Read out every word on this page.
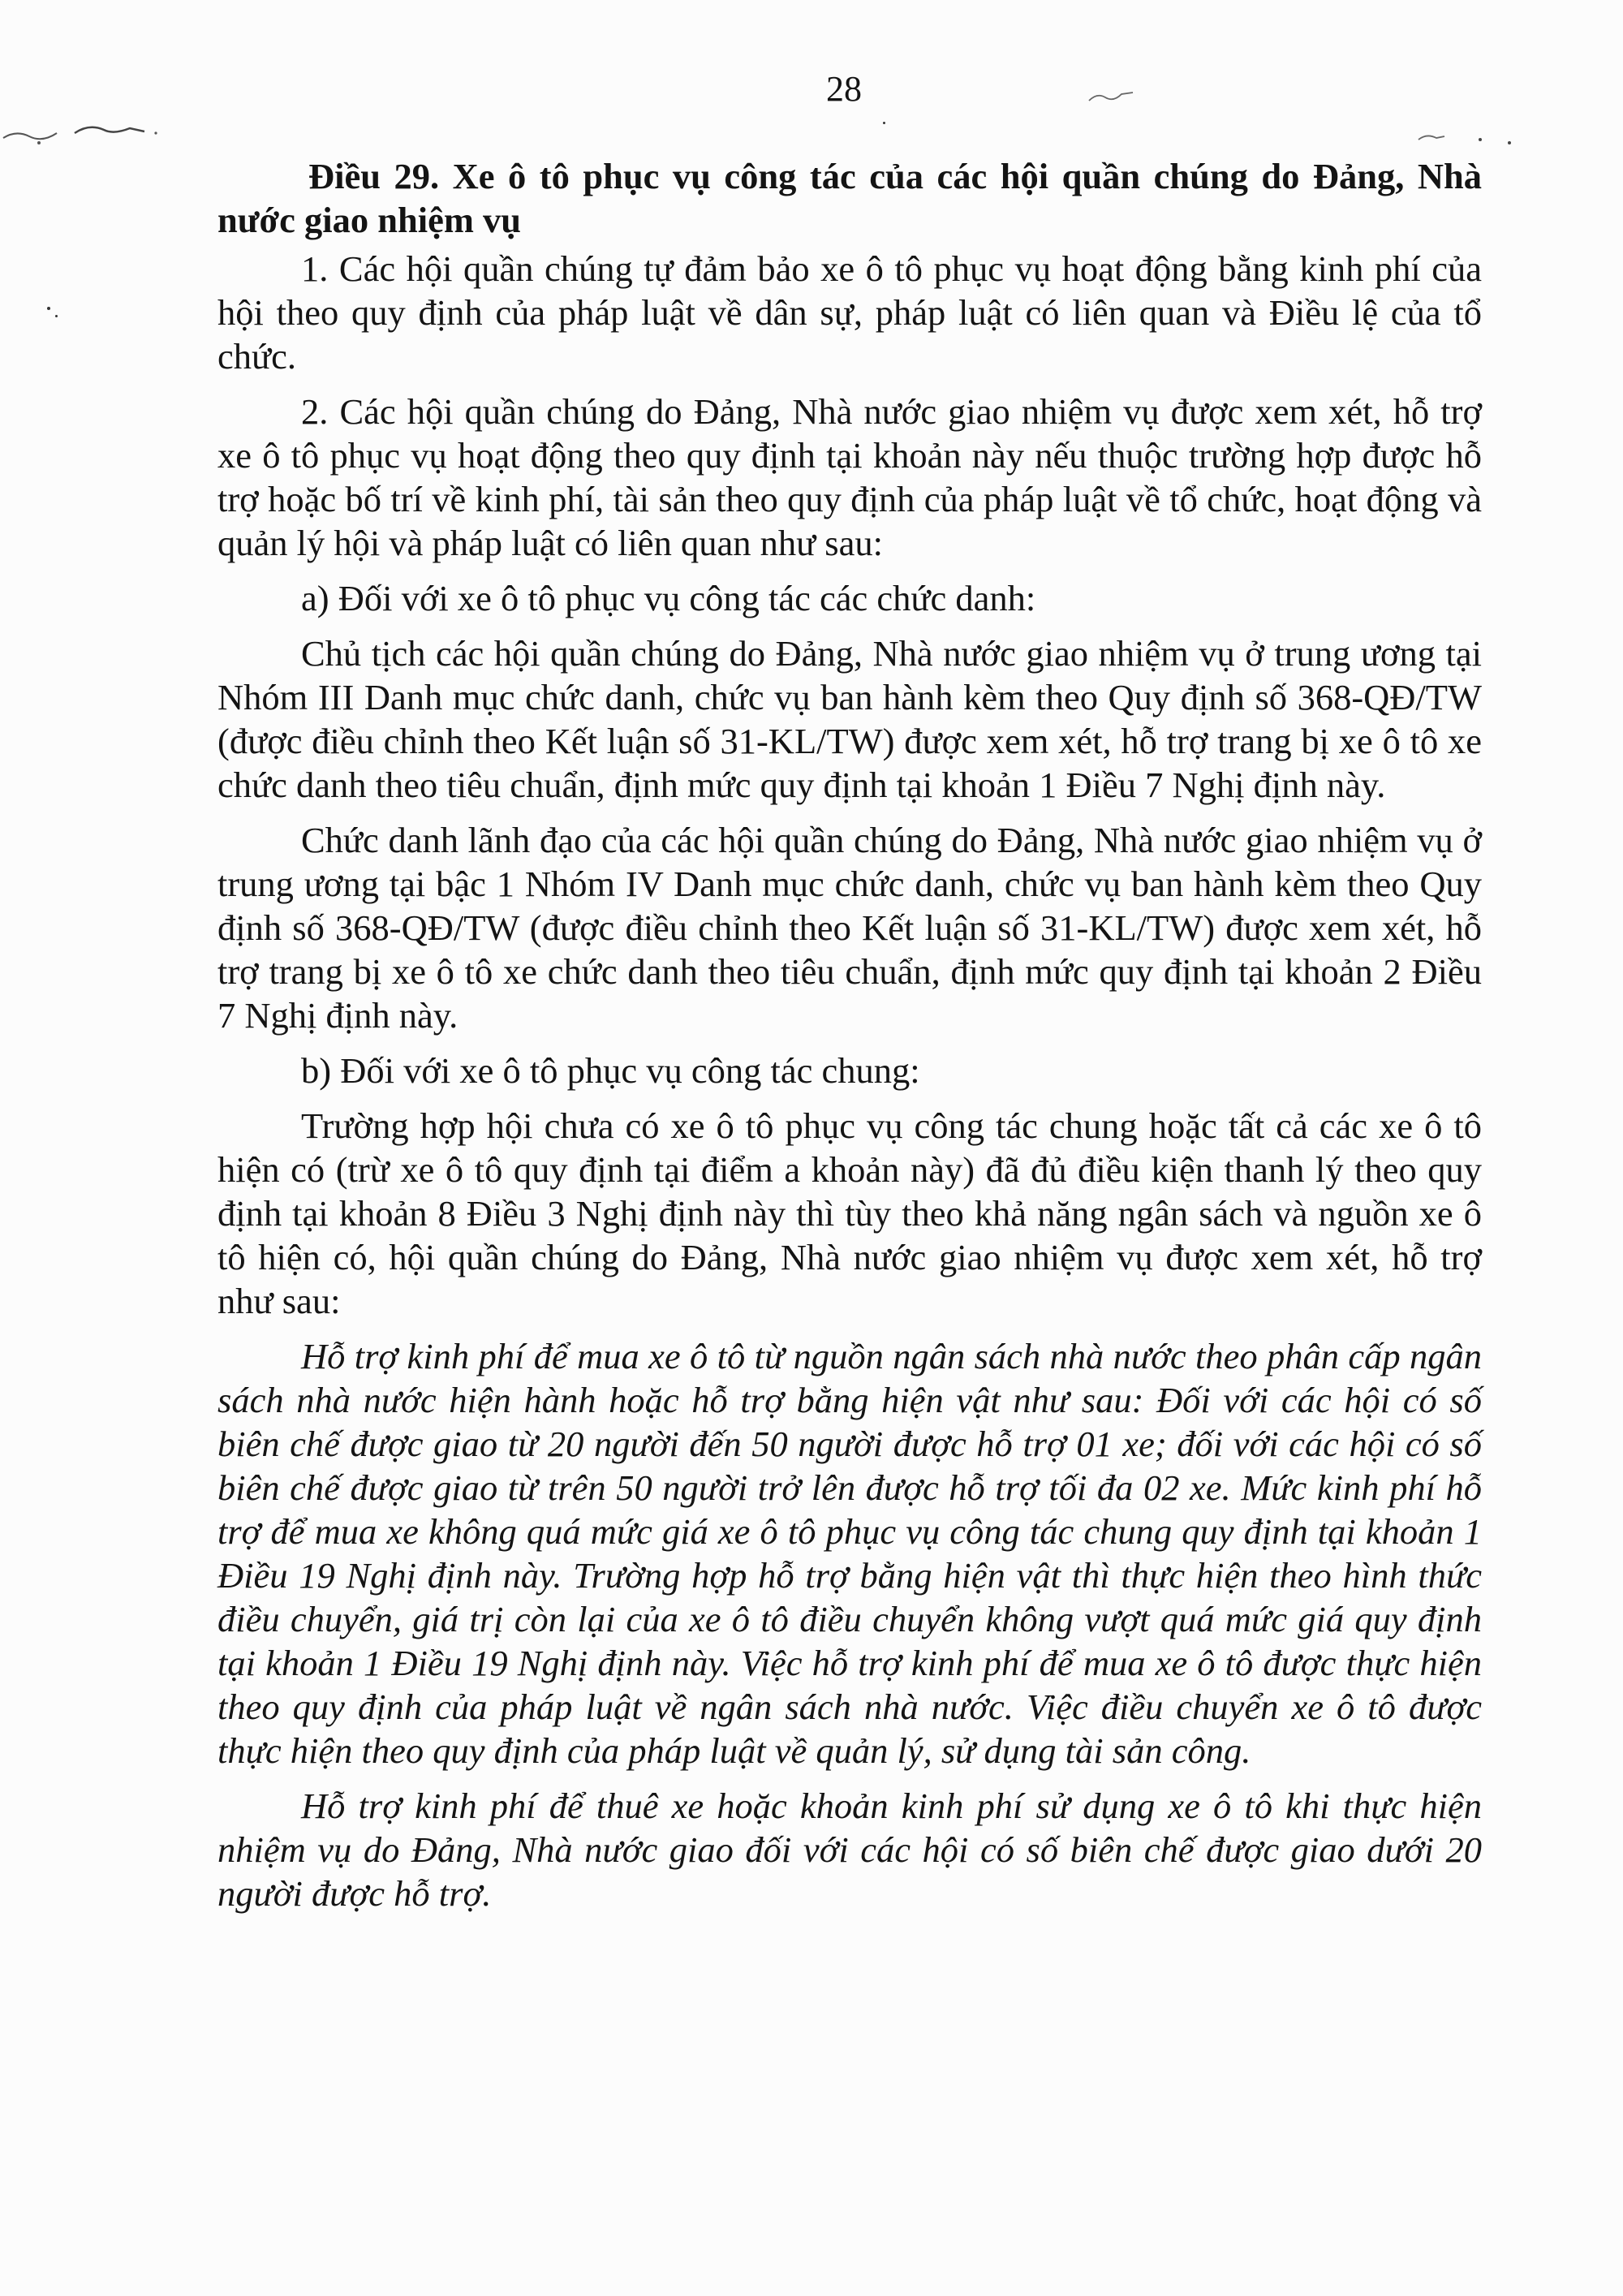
28

Điều 29. Xe ô tô phục vụ công tác của các hội quần chúng do Đảng, Nhà nước giao nhiệm vụ

1. Các hội quần chúng tự đảm bảo xe ô tô phục vụ hoạt động bằng kinh phí của hội theo quy định của pháp luật về dân sự, pháp luật có liên quan và Điều lệ của tổ chức.

2. Các hội quần chúng do Đảng, Nhà nước giao nhiệm vụ được xem xét, hỗ trợ xe ô tô phục vụ hoạt động theo quy định tại khoản này nếu thuộc trường hợp được hỗ trợ hoặc bố trí về kinh phí, tài sản theo quy định của pháp luật về tổ chức, hoạt động và quản lý hội và pháp luật có liên quan như sau:

a) Đối với xe ô tô phục vụ công tác các chức danh:

Chủ tịch các hội quần chúng do Đảng, Nhà nước giao nhiệm vụ ở trung ương tại Nhóm III Danh mục chức danh, chức vụ ban hành kèm theo Quy định số 368-QĐ/TW (được điều chỉnh theo Kết luận số 31-KL/TW) được xem xét, hỗ trợ trang bị xe ô tô xe chức danh theo tiêu chuẩn, định mức quy định tại khoản 1 Điều 7 Nghị định này.

Chức danh lãnh đạo của các hội quần chúng do Đảng, Nhà nước giao nhiệm vụ ở trung ương tại bậc 1 Nhóm IV Danh mục chức danh, chức vụ ban hành kèm theo Quy định số 368-QĐ/TW (được điều chỉnh theo Kết luận số 31-KL/TW) được xem xét, hỗ trợ trang bị xe ô tô xe chức danh theo tiêu chuẩn, định mức quy định tại khoản 2 Điều 7 Nghị định này.

b) Đối với xe ô tô phục vụ công tác chung:

Trường hợp hội chưa có xe ô tô phục vụ công tác chung hoặc tất cả các xe ô tô hiện có (trừ xe ô tô quy định tại điểm a khoản này) đã đủ điều kiện thanh lý theo quy định tại khoản 8 Điều 3 Nghị định này thì tùy theo khả năng ngân sách và nguồn xe ô tô hiện có, hội quần chúng do Đảng, Nhà nước giao nhiệm vụ được xem xét, hỗ trợ như sau:

Hỗ trợ kinh phí để mua xe ô tô từ nguồn ngân sách nhà nước theo phân cấp ngân sách nhà nước hiện hành hoặc hỗ trợ bằng hiện vật như sau: Đối với các hội có số biên chế được giao từ 20 người đến 50 người được hỗ trợ 01 xe; đối với các hội có số biên chế được giao từ trên 50 người trở lên được hỗ trợ tối đa 02 xe. Mức kinh phí hỗ trợ để mua xe không quá mức giá xe ô tô phục vụ công tác chung quy định tại khoản 1 Điều 19 Nghị định này. Trường hợp hỗ trợ bằng hiện vật thì thực hiện theo hình thức điều chuyển, giá trị còn lại của xe ô tô điều chuyển không vượt quá mức giá quy định tại khoản 1 Điều 19 Nghị định này. Việc hỗ trợ kinh phí để mua xe ô tô được thực hiện theo quy định của pháp luật về ngân sách nhà nước. Việc điều chuyển xe ô tô được thực hiện theo quy định của pháp luật về quản lý, sử dụng tài sản công.

Hỗ trợ kinh phí để thuê xe hoặc khoản kinh phí sử dụng xe ô tô khi thực hiện nhiệm vụ do Đảng, Nhà nước giao đối với các hội có số biên chế được giao dưới 20 người được hỗ trợ.
